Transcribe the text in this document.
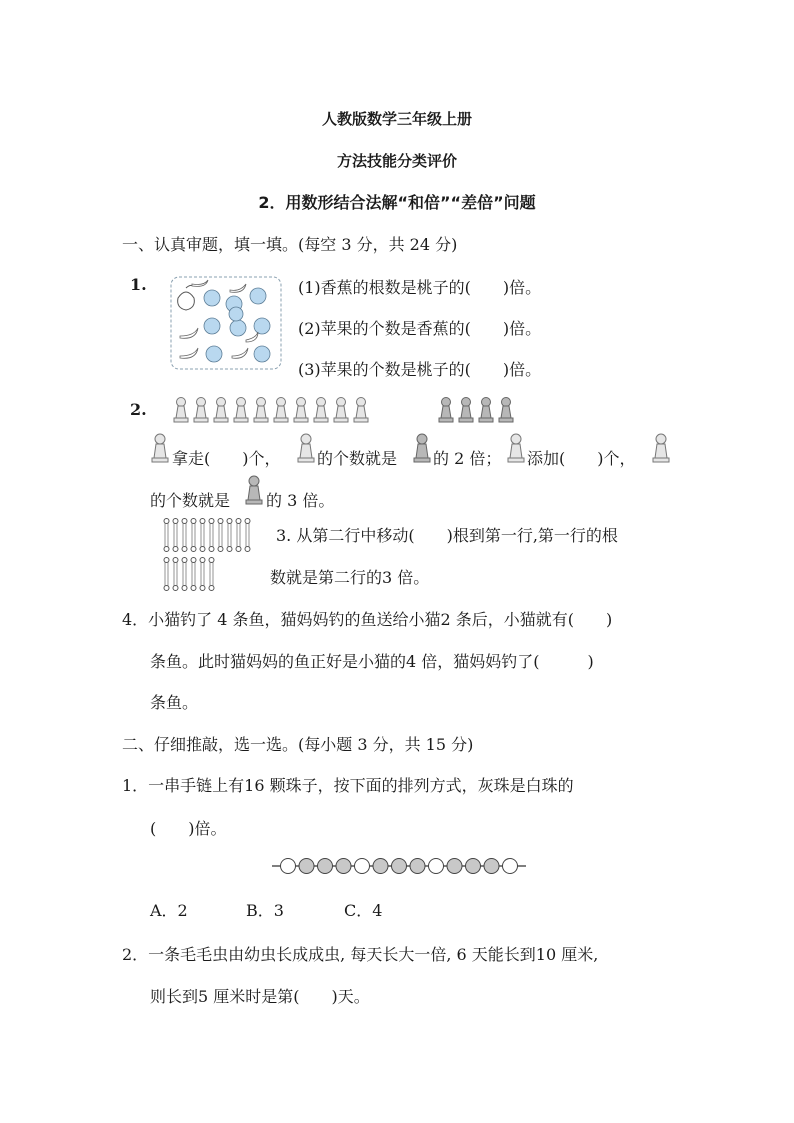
人教版数学三年级上册
方法技能分类评价
2．用数形结合法解“和倍”“差倍”问题
一、认真审题，填一填。(每空 3 分，共 24 分)
1.	(1)香蕉的根数是桃子的(　　)倍。
(2)苹果的个数是香蕉的(　　)倍。
(3)苹果的个数是桃子的(　　)倍。
2.
拿走(　　)个， 的个数就是 的 2 倍； 添加(　　)个，
的个数就是 的 3 倍。
3. 从第二行中移动(　　)根到第一行,第一行的根
数就是第二行的3 倍。
4．小猫钓了 4 条鱼，猫妈妈钓的鱼送给小猫2 条后，小猫就有(　　)
条鱼。此时猫妈妈的鱼正好是小猫的4 倍，猫妈妈钓了(　　　)
条鱼。
二、仔细推敲，选一选。(每小题 3 分，共 15 分)
1．一串手链上有16 颗珠子，按下面的排列方式，灰珠是白珠的
(　　)倍。
A．2	B．3	C．4
2．一条毛毛虫由幼虫长成成虫, 每天长大一倍, 6 天能长到10 厘米,
则长到5 厘米时是第(　　)天。
